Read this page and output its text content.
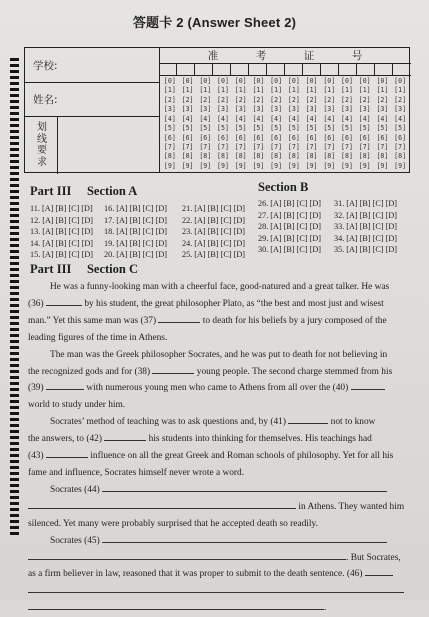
答题卡 2 (Answer Sheet 2)
学校:
姓名:
划线要求
准	考	证	号
[0]
[1]
[2]
[3]
[4]
[5]
[6]
[7]
[8]
[9]
[0]
[1]
[2]
[3]
[4]
[5]
[6]
[7]
[8]
[9]
[0]
[1]
[2]
[3]
[4]
[5]
[6]
[7]
[8]
[9]
[0]
[1]
[2]
[3]
[4]
[5]
[6]
[7]
[8]
[9]
[0]
[1]
[2]
[3]
[4]
[5]
[6]
[7]
[8]
[9]
[0]
[1]
[2]
[3]
[4]
[5]
[6]
[7]
[8]
[9]
[0]
[1]
[2]
[3]
[4]
[5]
[6]
[7]
[8]
[9]
[0]
[1]
[2]
[3]
[4]
[5]
[6]
[7]
[8]
[9]
[0]
[1]
[2]
[3]
[4]
[5]
[6]
[7]
[8]
[9]
[0]
[1]
[2]
[3]
[4]
[5]
[6]
[7]
[8]
[9]
[0]
[1]
[2]
[3]
[4]
[5]
[6]
[7]
[8]
[9]
[0]
[1]
[2]
[3]
[4]
[5]
[6]
[7]
[8]
[9]
[0]
[1]
[2]
[3]
[4]
[5]
[6]
[7]
[8]
[9]
[0]
[1]
[2]
[3]
[4]
[5]
[6]
[7]
[8]
[9]
Part III Section A
11. [A] [B] [C] [D]
12. [A] [B] [C] [D]
13. [A] [B] [C] [D]
14. [A] [B] [C] [D]
15. [A] [B] [C] [D]
16. [A] [B] [C] [D]
17. [A] [B] [C] [D]
18. [A] [B] [C] [D]
19. [A] [B] [C] [D]
20. [A] [B] [C] [D]
21. [A] [B] [C] [D]
22. [A] [B] [C] [D]
23. [A] [B] [C] [D]
24. [A] [B] [C] [D]
25. [A] [B] [C] [D]
Section B
26. [A] [B] [C] [D]
27. [A] [B] [C] [D]
28. [A] [B] [C] [D]
29. [A] [B] [C] [D]
30. [A] [B] [C] [D]
31. [A] [B] [C] [D]
32. [A] [B] [C] [D]
33. [A] [B] [C] [D]
34. [A] [B] [C] [D]
35. [A] [B] [C] [D]
Part III Section C

He was a funny-looking man with a cheerful face, good-natured and a great talker. He was

(36)	by his student, the great philosopher Plato, as “the best and most just and wisest

man.” Yet this same man was (37)	to death for his beliefs by a jury composed of the

leading figures of the time in Athens.

The man was the Greek philosopher Socrates, and he was put to death for not believing in

the recognized gods and for (38)	young people. The second charge stemmed from his

(39)	with numerous young men who came to Athens from all over the (40)

world to study under him.

Socrates’ method of teaching was to ask questions and, by (41)	not to know

the answers, to (42)	his students into thinking for themselves. His teachings had

(43)	influence on all the great Greek and Roman schools of philosophy. Yet for all his

fame and influence, Socrates himself never wrote a word.

Socrates (44)

in Athens. They wanted him

silenced. Yet many were probably surprised that he accepted death so readily.

Socrates (45)

. But Socrates,

as a firm believer in law, reasoned that it was proper to submit to the death sentence. (46)

.
